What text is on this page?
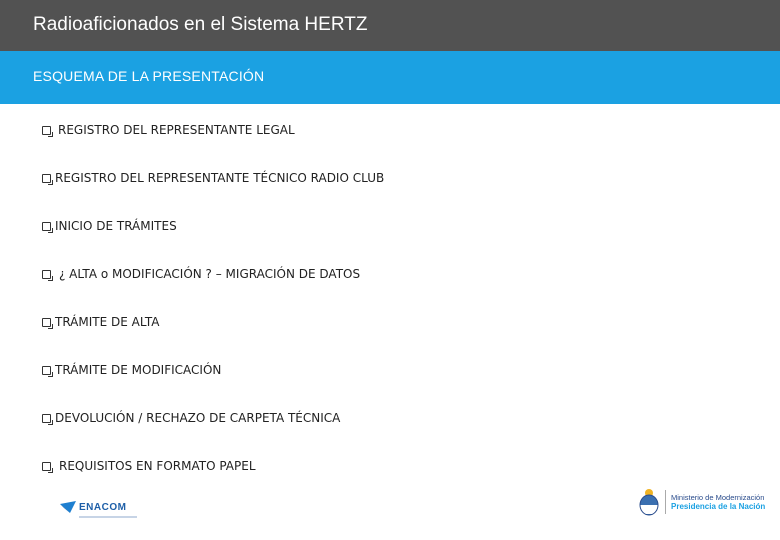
Radioaficionados en el Sistema HERTZ
ESQUEMA DE LA PRESENTACIÓN
REGISTRO DEL REPRESENTANTE LEGAL
REGISTRO DEL REPRESENTANTE TÉCNICO RADIO CLUB
INICIO DE TRÁMITES
¿ ALTA o MODIFICACIÓN ? – MIGRACIÓN DE DATOS
TRÁMITE DE ALTA
TRÁMITE DE MODIFICACIÓN
DEVOLUCIÓN / RECHAZO DE CARPETA TÉCNICA
REQUISITOS EN FORMATO PAPEL
ENACOM
Ministerio de Modernización
Presidencia de la Nación
